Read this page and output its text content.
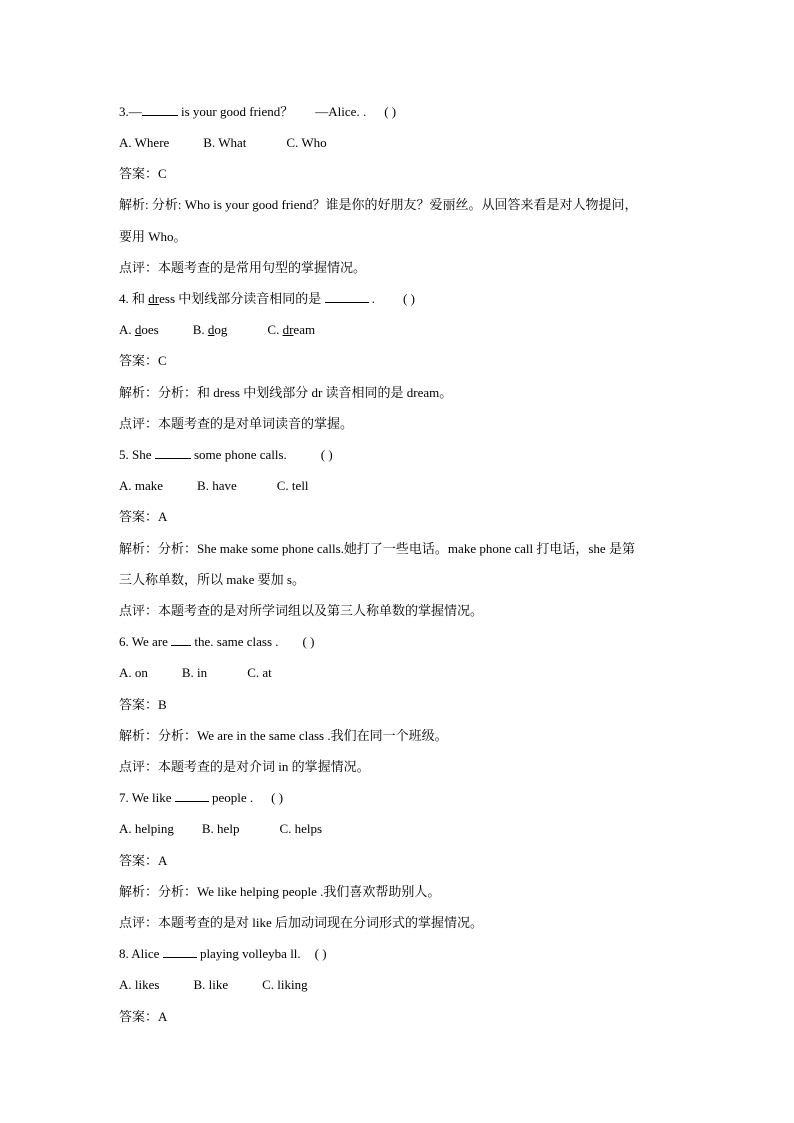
3.—	is your good friend？ —Alice. . ( )
A. Where	B. What	C. Who
答案：C
解析: 分析: Who is your good friend？谁是你的好朋友？爱丽丝。从回答来看是对人物提问，
要用 Who。
点评：本题考查的是常用句型的掌握情况。
4. 和 dress 中划线部分读音相同的是	. ( )
A. does	B. dog	C. dream
答案：C
解析：分析：和 dress 中划线部分 dr 读音相同的是 dream。
点评：本题考查的是对单词读音的掌握。
5. She	some phone calls.	( )
A. make	B. have	C. tell
答案：A
解析：分析：She make some phone calls.她打了一些电话。make phone call 打电话，she 是第
三人称单数，所以 make 要加 s。
点评：本题考查的是对所学词组以及第三人称单数的掌握情况。
6. We are  the. same class . ( )
A. on	B. in	C. at
答案：B
解析：分析：We are in the same class .我们在同一个班级。
点评：本题考查的是对介词 in 的掌握情况。
7. We like	people . ( )
A. helping B. help	C. helps
答案：A
解析：分析：We like helping people .我们喜欢帮助别人。
点评：本题考查的是对 like 后加动词现在分词形式的掌握情况。
8. Alice	playing volleyba ll. ( )
A. likes	B. like	C. liking
答案：A
